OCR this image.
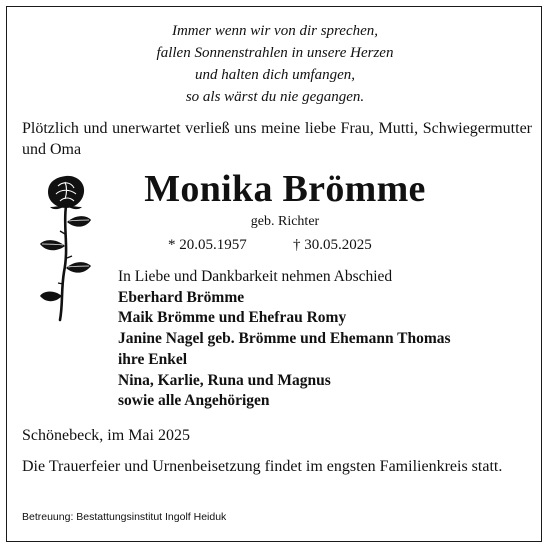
Immer wenn wir von dir sprechen,
fallen Sonnenstrahlen in unsere Herzen
und halten dich umfangen,
so als wärst du nie gegangen.
Plötzlich und unerwartet verließ uns meine liebe Frau, Mutti, Schwiegermutter und Oma
Monika Brömme
geb. Richter
* 20.05.1957	† 30.05.2025
In Liebe und Dankbarkeit nehmen Abschied
Eberhard Brömme
Maik Brömme und Ehefrau Romy
Janine Nagel geb. Brömme und Ehemann Thomas
ihre Enkel
Nina, Karlie, Runa und Magnus
sowie alle Angehörigen
Schönebeck, im Mai 2025
Die Trauerfeier und Urnenbeisetzung findet im engsten Familienkreis statt.
Betreuung: Bestattungsinstitut Ingolf Heiduk
